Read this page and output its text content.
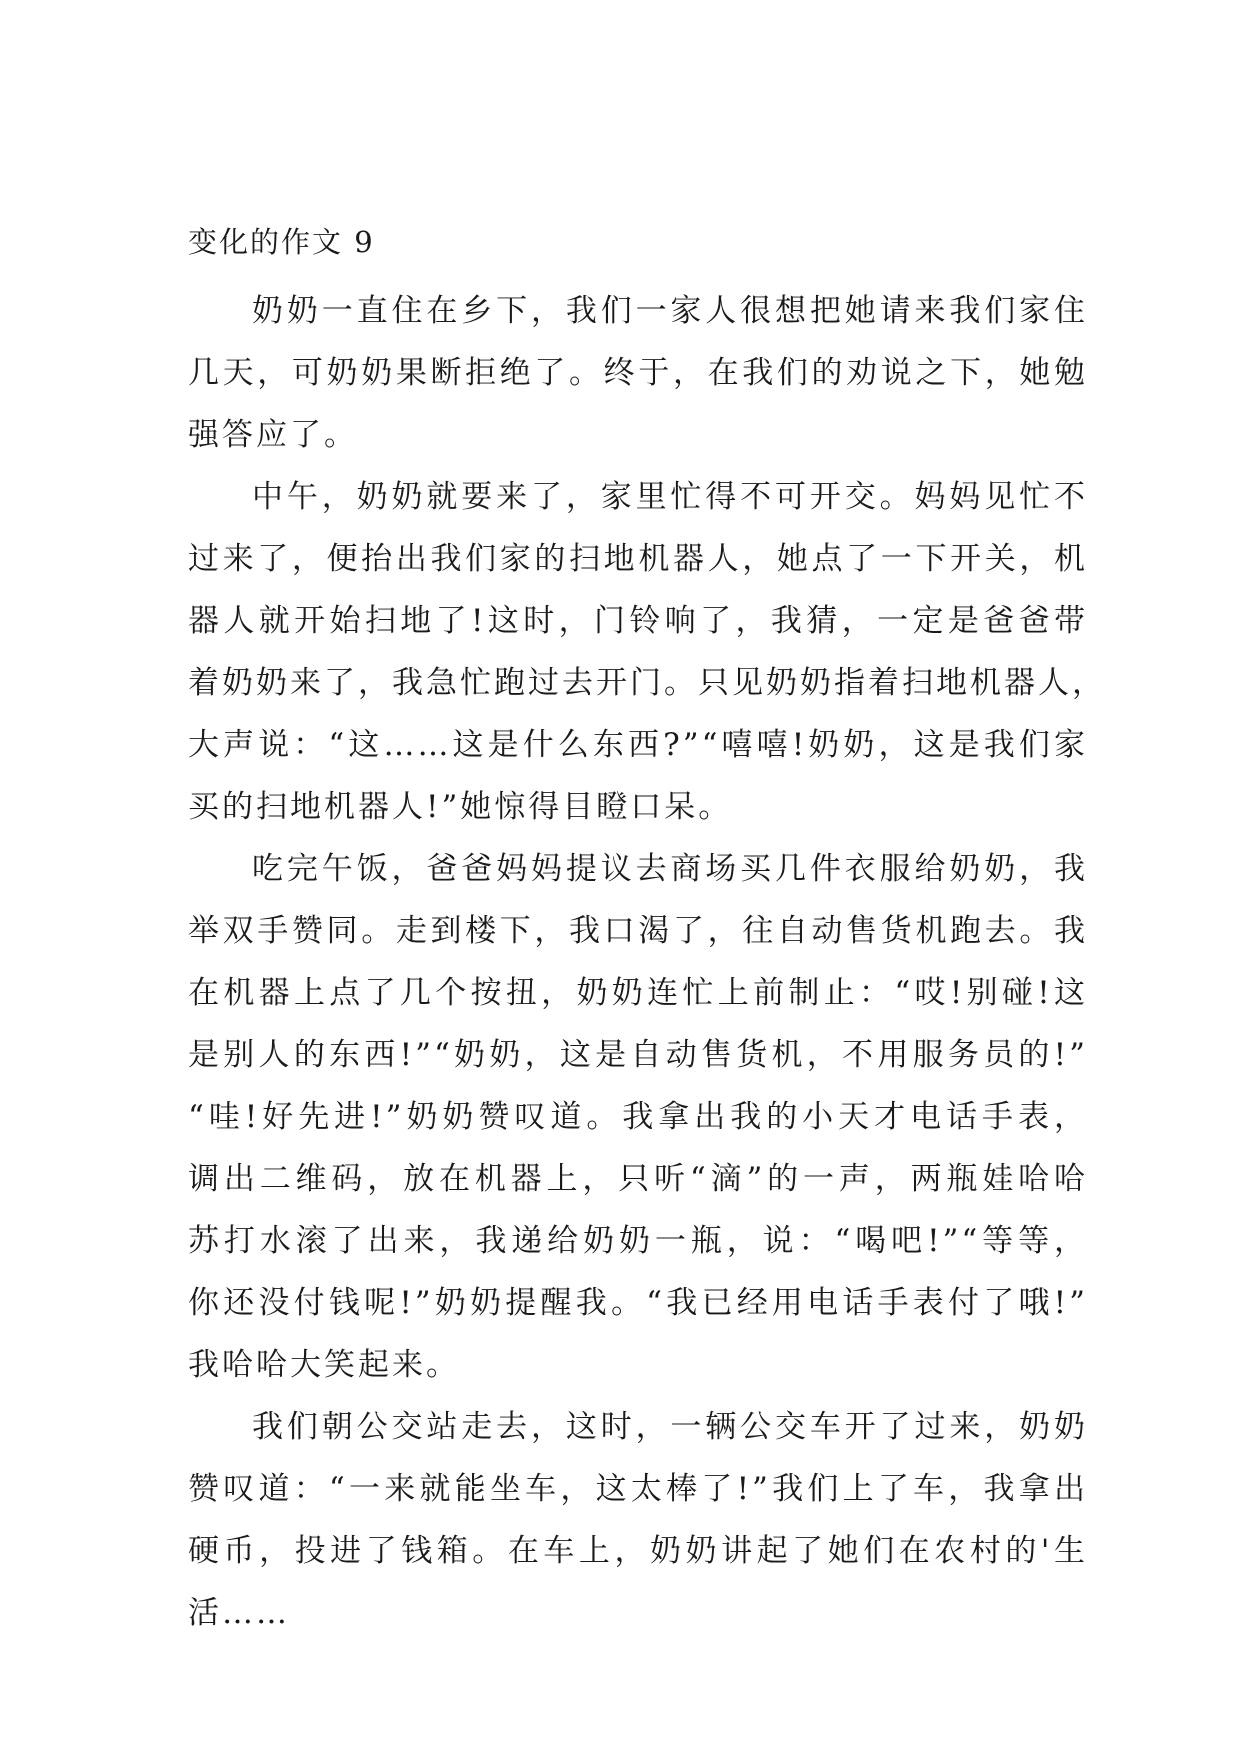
变化的作文 9
奶奶一直住在乡下，我们一家人很想把她请来我们家住
几天，可奶奶果断拒绝了。终于，在我们的劝说之下，她勉
强答应了。
中午，奶奶就要来了，家里忙得不可开交。妈妈见忙不
过来了，便抬出我们家的扫地机器人，她点了一下开关，机
器人就开始扫地了!这时，门铃响了，我猜，一定是爸爸带
着奶奶来了，我急忙跑过去开门。只见奶奶指着扫地机器人，
大声说：“这……这是什么东西?”“嘻嘻!奶奶，这是我们家
买的扫地机器人!”她惊得目瞪口呆。
吃完午饭，爸爸妈妈提议去商场买几件衣服给奶奶，我
举双手赞同。走到楼下，我口渴了，往自动售货机跑去。我
在机器上点了几个按扭，奶奶连忙上前制止：“哎!别碰!这
是别人的东西!”“奶奶，这是自动售货机，不用服务员的!”
“哇!好先进!”奶奶赞叹道。我拿出我的小天才电话手表，
调出二维码，放在机器上，只听“滴”的一声，两瓶娃哈哈
苏打水滚了出来，我递给奶奶一瓶，说：“喝吧!”“等等，
你还没付钱呢!”奶奶提醒我。“我已经用电话手表付了哦!”
我哈哈大笑起来。
我们朝公交站走去，这时，一辆公交车开了过来，奶奶
赞叹道：“一来就能坐车，这太棒了!”我们上了车，我拿出
硬币，投进了钱箱。在车上，奶奶讲起了她们在农村的'生
活……
